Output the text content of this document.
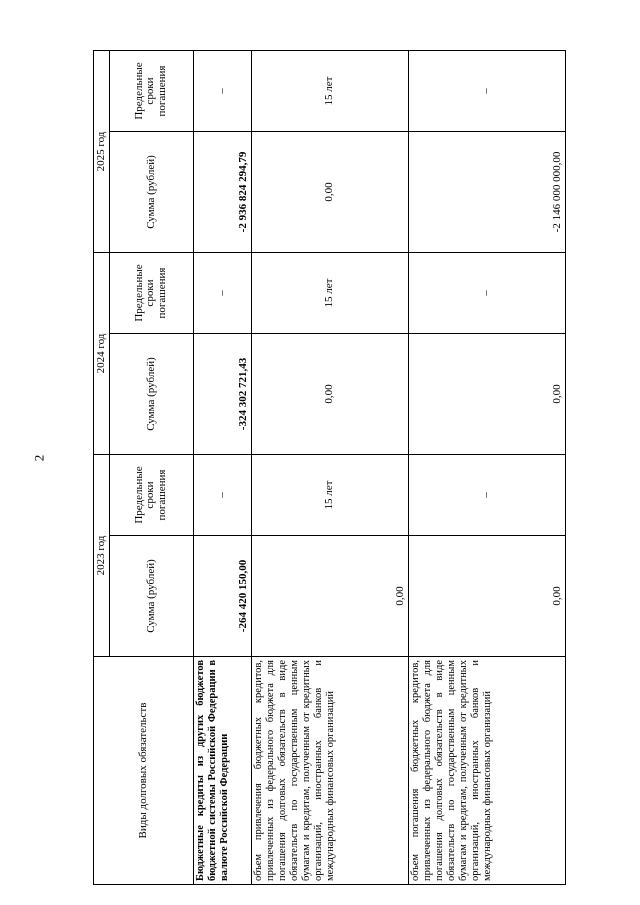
2
Виды долговых обязательств	2023 год		2024 год		2025 год	
	Сумма (рублей)	Предельные сроки погашения	Сумма (рублей)	Предельные сроки погашения	Сумма (рублей)	Предельные сроки погашения
Бюджетные кредиты из других бюджетов бюджетной системы Российской Федерации в валюте Российской Федерации	-264 420 150,00	–	-324 302 721,43	–	-2 936 824 294,79	–
объем привлечения бюджетных кредитов, привлеченных из федерального бюджета для погашения долговых обязательств в виде обязательств по государственным ценным бумагам и кредитам, полученным от кредитных организаций, иностранных банков и международных финансовых организаций	0,00	15 лет	0,00	15 лет	0,00	15 лет
объем погашения бюджетных кредитов, привлеченных из федерального бюджета для погашения долговых обязательств в виде обязательств по государственным ценным бумагам и кредитам, полученным от кредитных организаций, иностранных банков и международных финансовых организаций	0,00	–	0,00	–	-2 146 000 000,00	–
